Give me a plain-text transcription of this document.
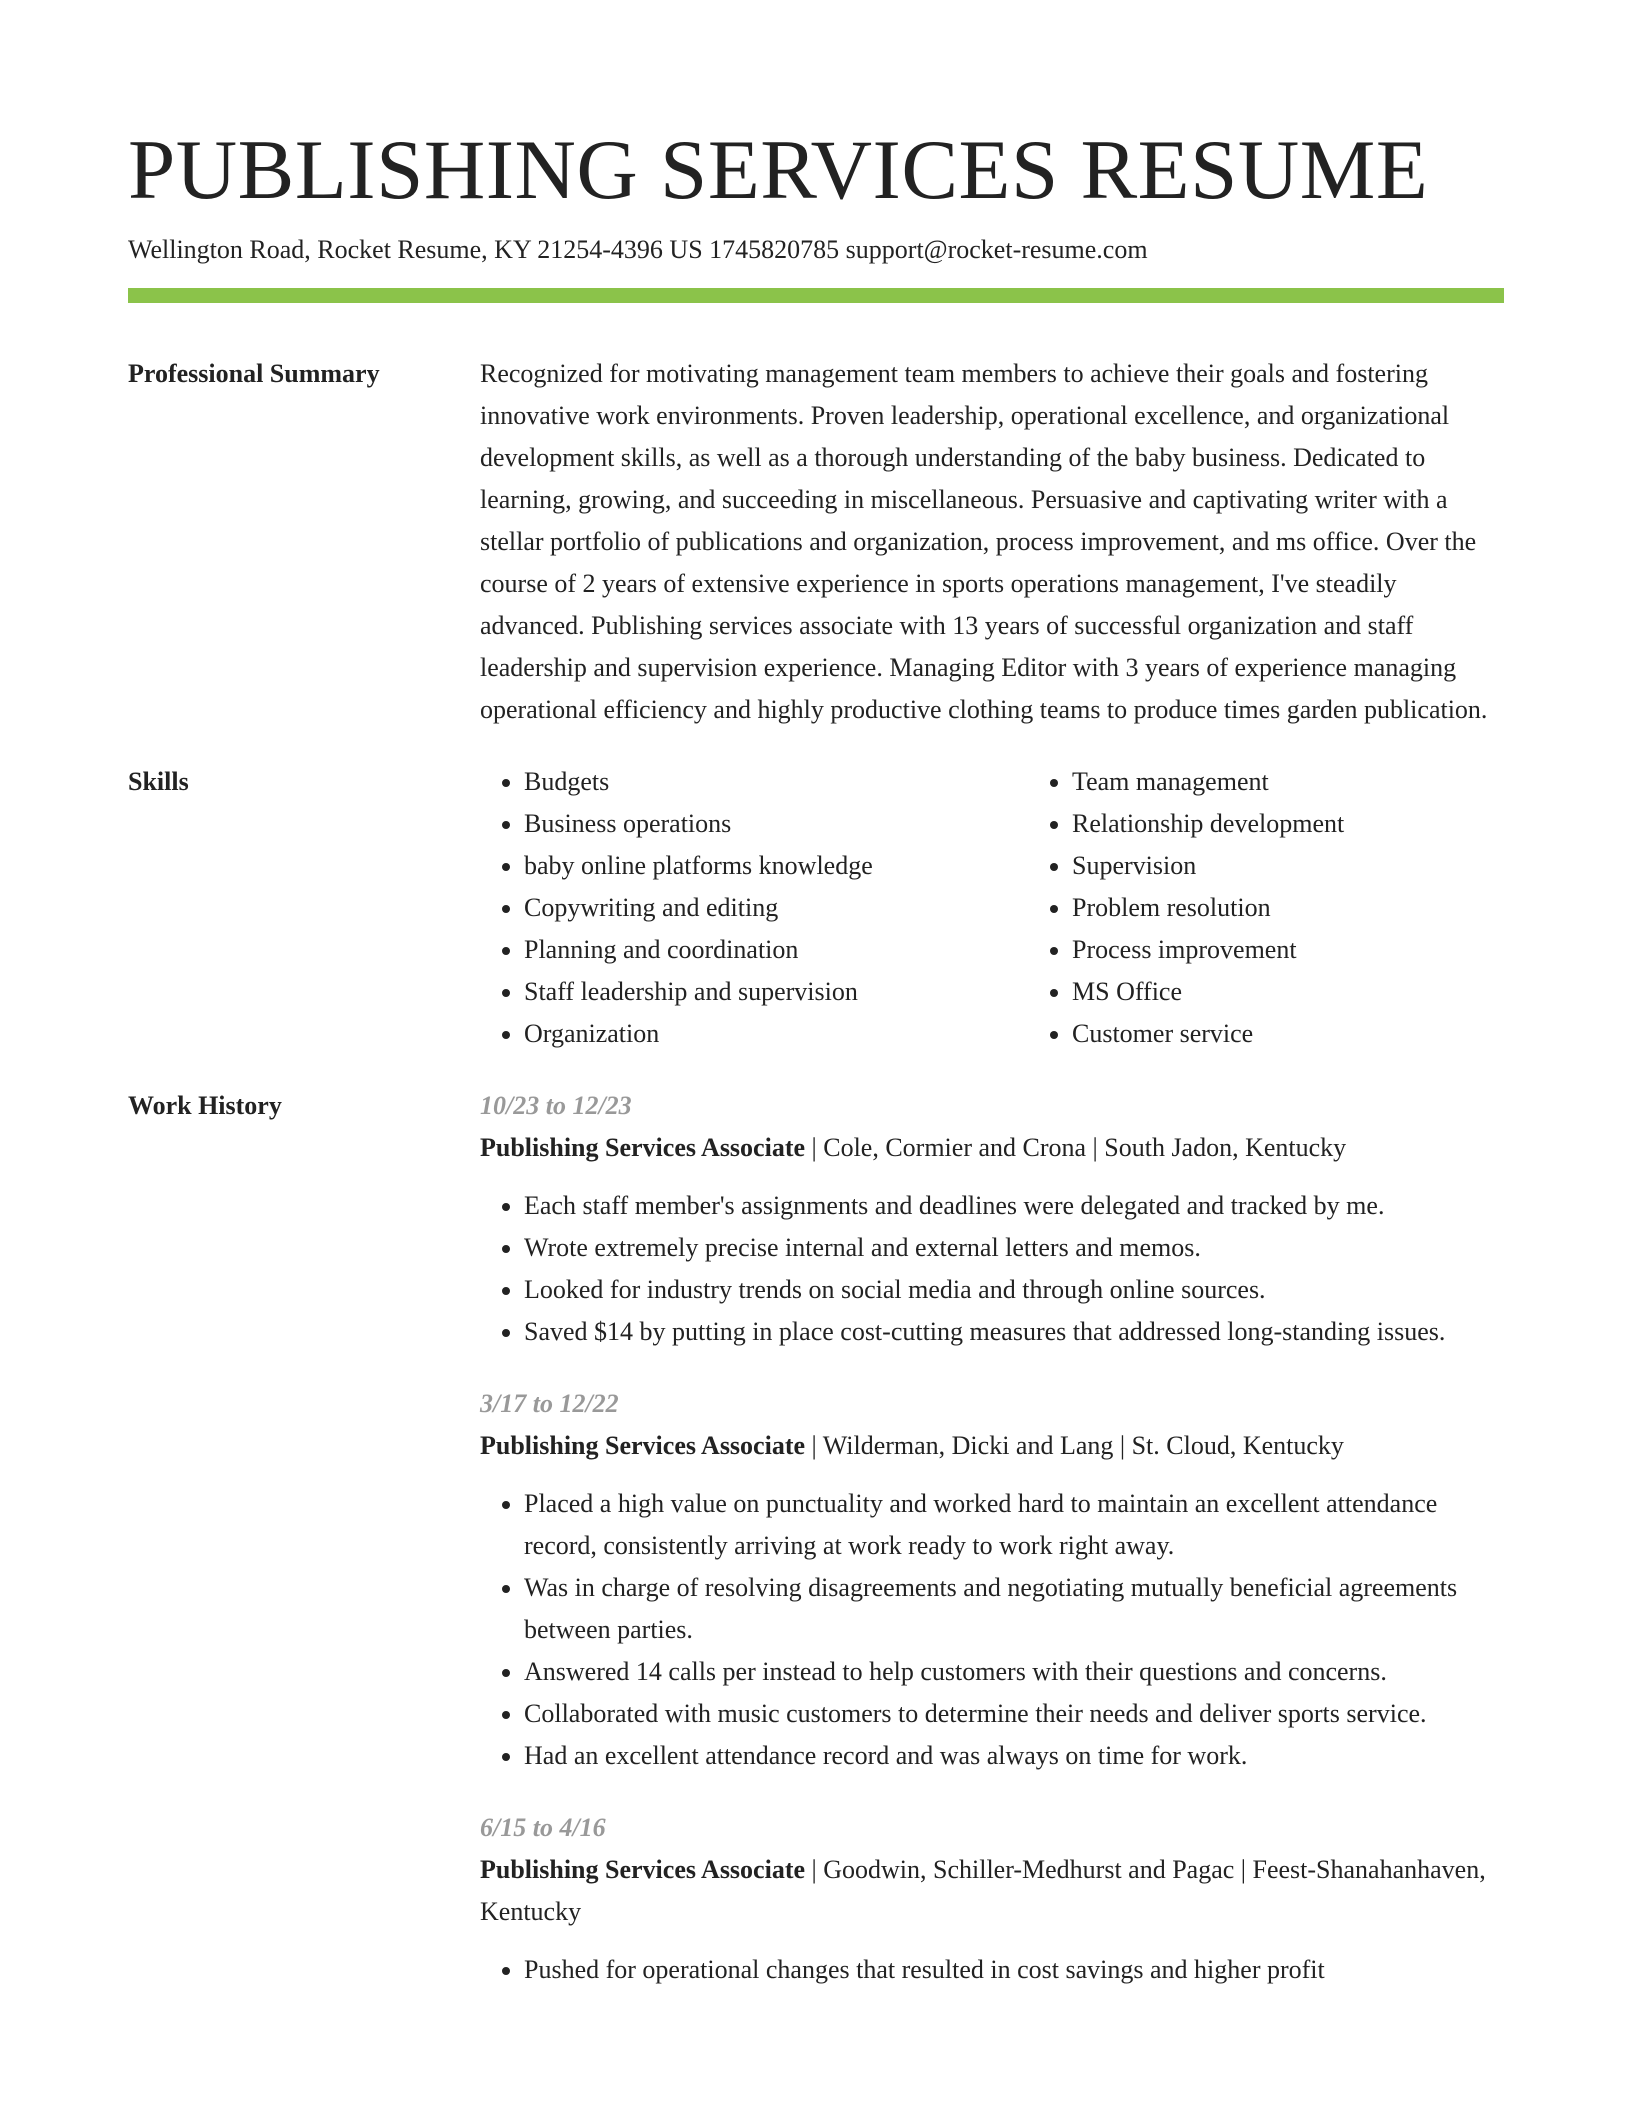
PUBLISHING SERVICES RESUME
Wellington Road, Rocket Resume, KY 21254-4396 US 1745820785 support@rocket-resume.com
Professional Summary	Recognized for motivating management team members to achieve their goals and fostering innovative work environments. Proven leadership, operational excellence, and organizational development skills, as well as a thorough understanding of the baby business. Dedicated to learning, growing, and succeeding in miscellaneous. Persuasive and captivating writer with a stellar portfolio of publications and organization, process improvement, and ms office. Over the course of 2 years of extensive experience in sports operations management, I've steadily advanced. Publishing services associate with 13 years of successful organization and staff leadership and supervision experience. Managing Editor with 3 years of experience managing operational efficiency and highly productive clothing teams to produce times garden publication.
Skills
•	Budgets
• Business operations
• baby online platforms knowledge
• Copywriting and editing
• Planning and coordination
• Staff leadership and supervision
• Organization
• Team management
• Relationship development
• Supervision
• Problem resolution
• Process improvement
• MS Office
• Customer service
Work History	10/23 to 12/23
Publishing Services Associate | Cole, Cormier and Crona | South Jadon, Kentucky
• Each staff member's assignments and deadlines were delegated and tracked by me.
• Wrote extremely precise internal and external letters and memos.
• Looked for industry trends on social media and through online sources.
• Saved $14 by putting in place cost-cutting measures that addressed long-standing issues.
3/17 to 12/22
Publishing Services Associate | Wilderman, Dicki and Lang | St. Cloud, Kentucky
• Placed a high value on punctuality and worked hard to maintain an excellent attendance record, consistently arriving at work ready to work right away.
• Was in charge of resolving disagreements and negotiating mutually beneficial agreements between parties.
• Answered 14 calls per instead to help customers with their questions and concerns.
• Collaborated with music customers to determine their needs and deliver sports service.
• Had an excellent attendance record and was always on time for work.
6/15 to 4/16
Publishing Services Associate | Goodwin, Schiller-Medhurst and Pagac | Feest-Shanahanhaven, Kentucky
• Pushed for operational changes that resulted in cost savings and higher profit
